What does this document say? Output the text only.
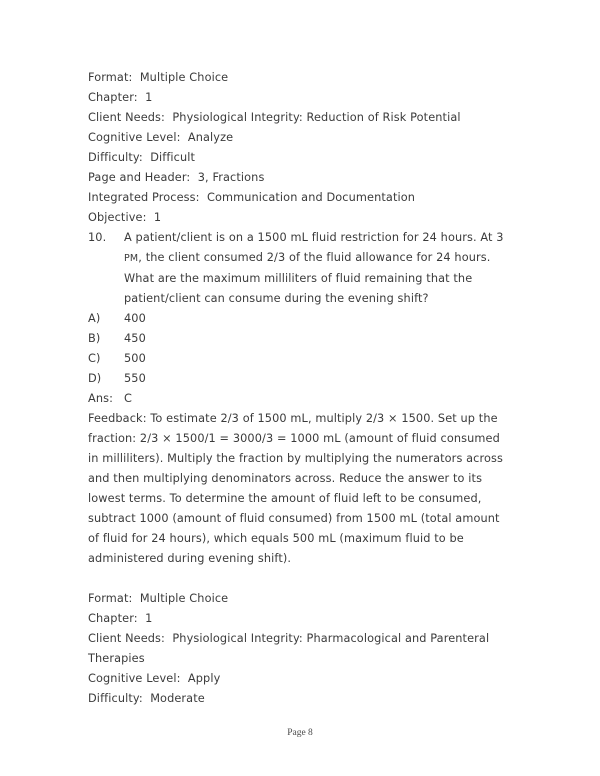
Format:  Multiple Choice
Chapter:  1
Client Needs:  Physiological Integrity: Reduction of Risk Potential
Cognitive Level:  Analyze
Difficulty:  Difficult
Page and Header:  3, Fractions
Integrated Process:  Communication and Documentation
Objective:  1
10. A patient/client is on a 1500 mL fluid restriction for 24 hours. At 3 PM, the client consumed 2/3 of the fluid allowance for 24 hours. What are the maximum milliliters of fluid remaining that the patient/client can consume during the evening shift?
A) 400
B) 450
C) 500
D) 550
Ans: C
Feedback: To estimate 2/3 of 1500 mL, multiply 2/3 × 1500. Set up the fraction: 2/3 × 1500/1 = 3000/3 = 1000 mL (amount of fluid consumed in milliliters). Multiply the fraction by multiplying the numerators across and then multiplying denominators across. Reduce the answer to its lowest terms. To determine the amount of fluid left to be consumed, subtract 1000 (amount of fluid consumed) from 1500 mL (total amount of fluid for 24 hours), which equals 500 mL (maximum fluid to be administered during evening shift).
Format:  Multiple Choice
Chapter:  1
Client Needs:  Physiological Integrity: Pharmacological and Parenteral Therapies
Cognitive Level:  Apply
Difficulty:  Moderate
Page 8
